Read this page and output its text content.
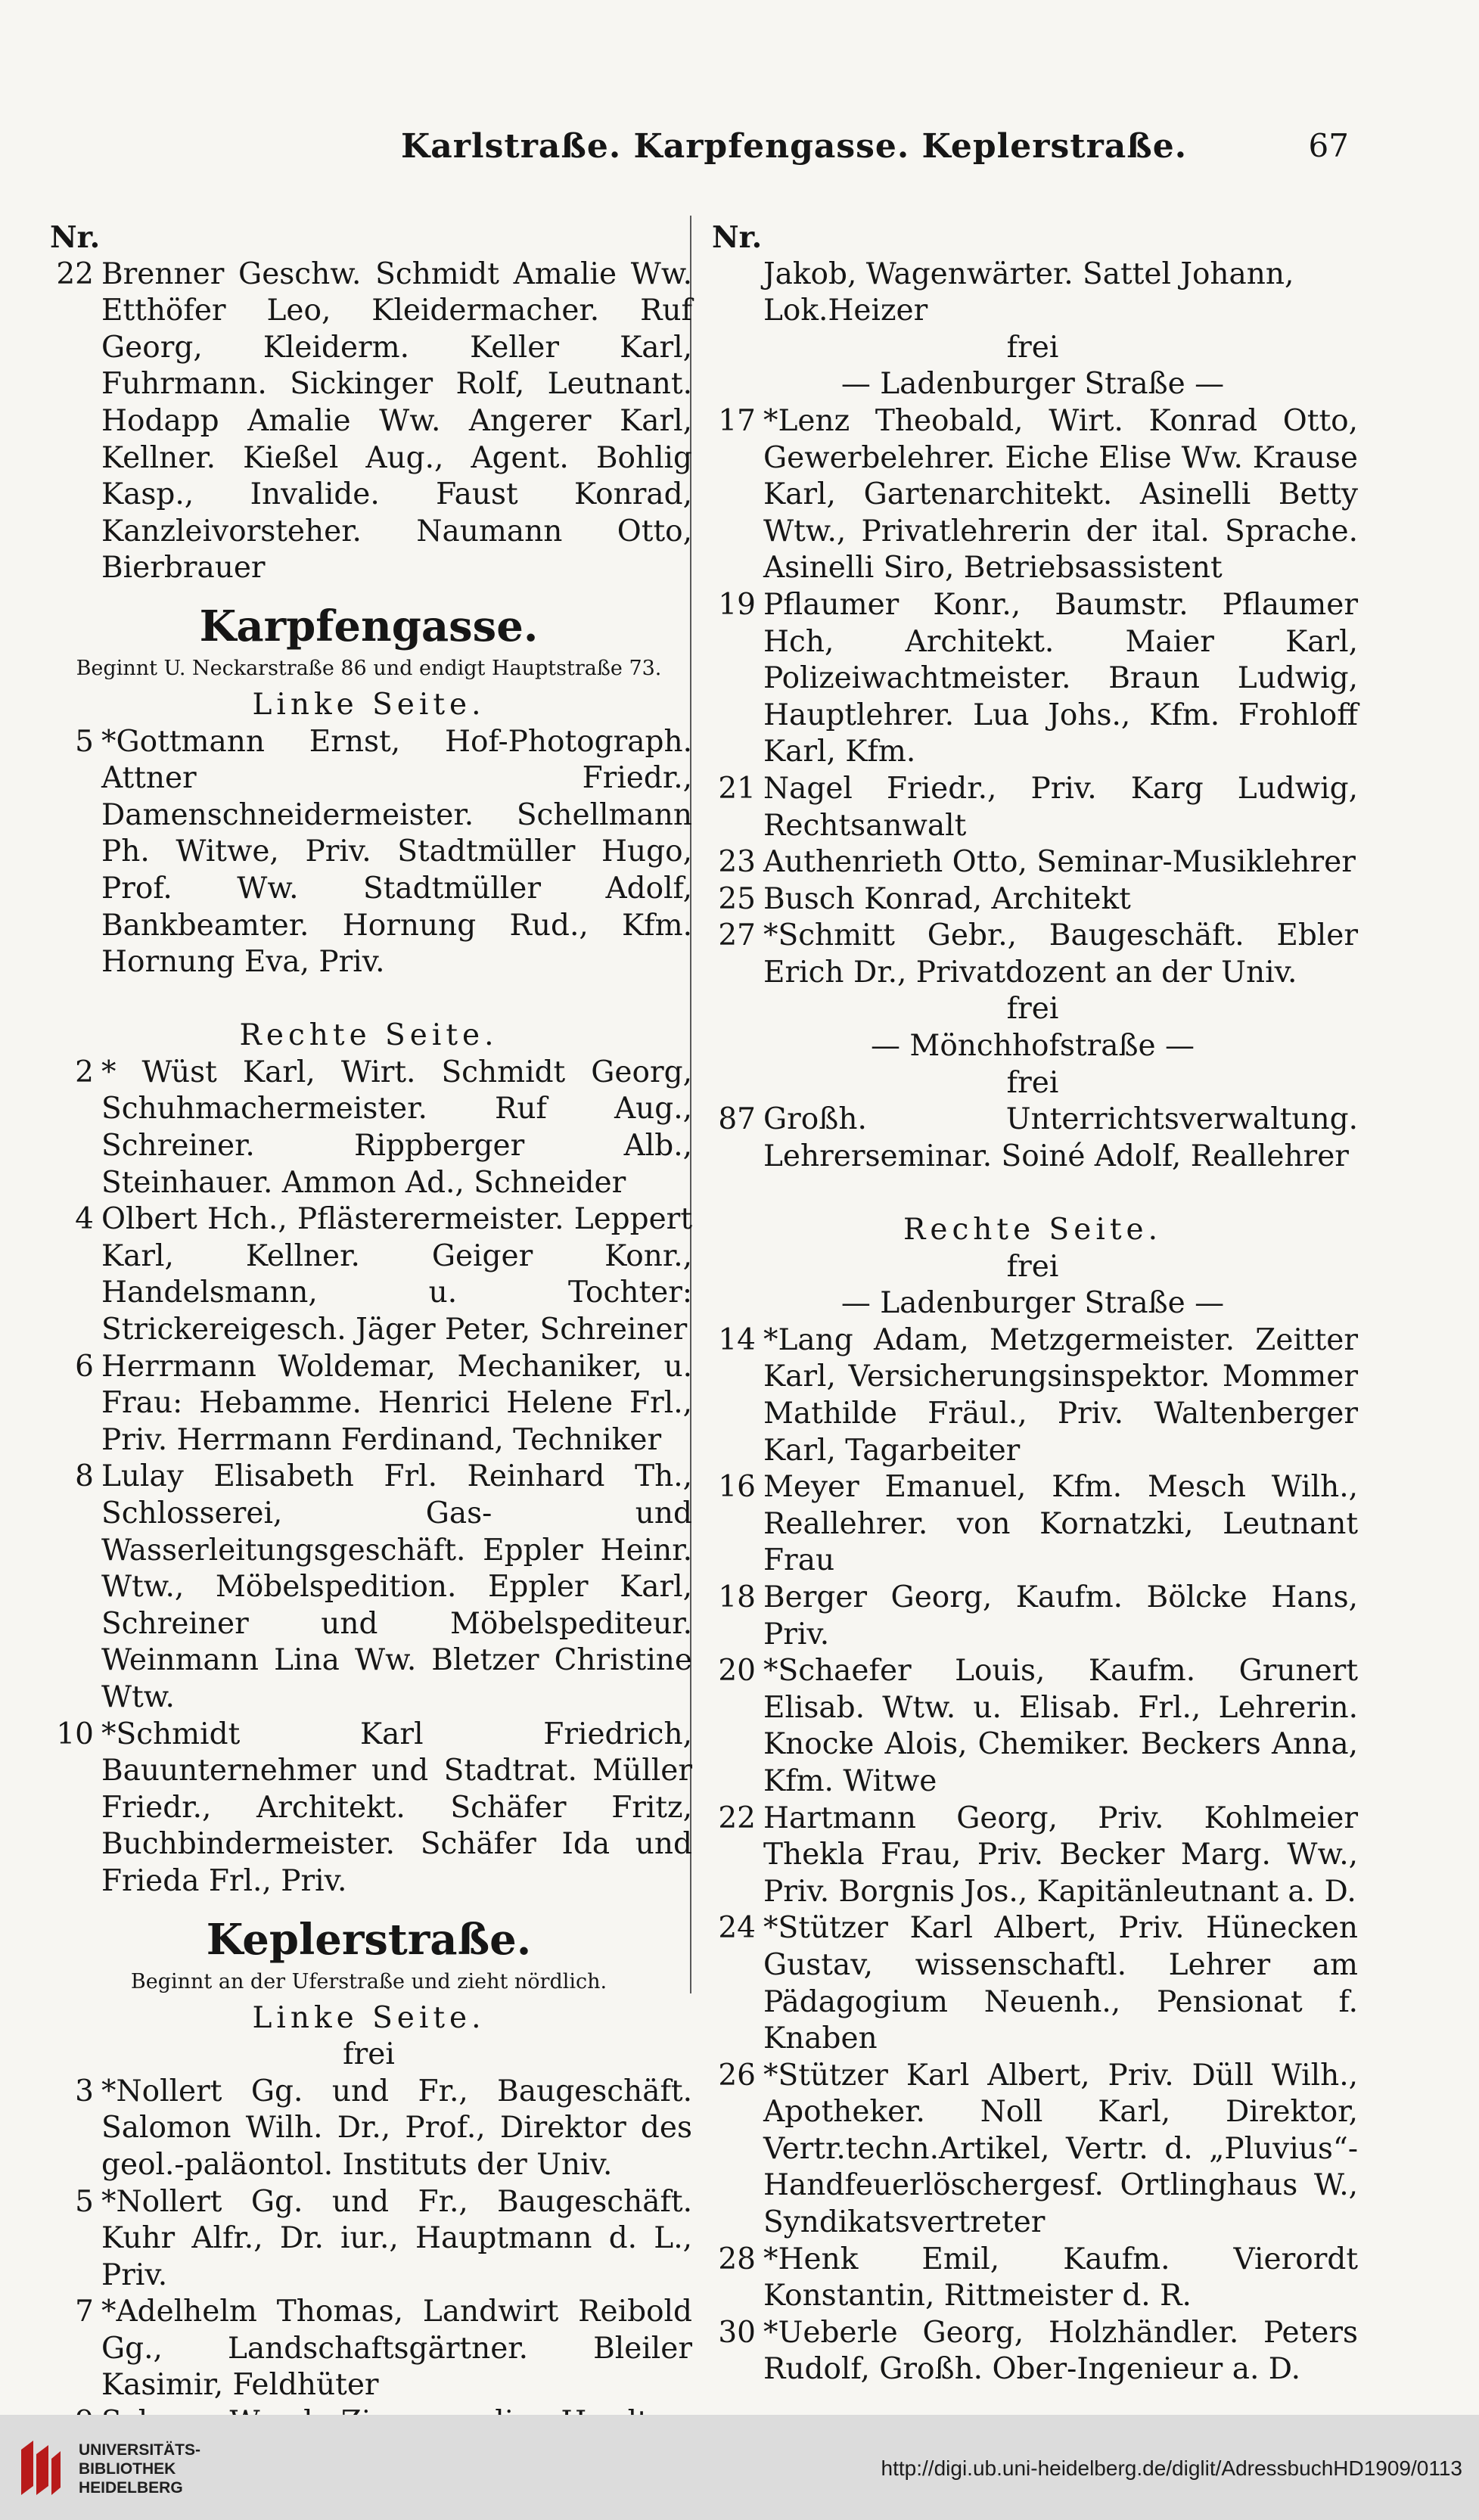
Karlstraße. Karpfengasse. Keplerstraße.	67
Nr.
22 Brenner Geschw. Schmidt Amalie Ww. Etthöfer Leo, Kleidermacher. Ruf Georg, Kleiderm. Keller Karl, Fuhrmann. Sickinger Rolf, Leutnant. Hodapp Amalie Ww. Angerer Karl, Kellner. Kießel Aug., Agent. Bohlig Kasp., Invalide. Faust Konrad, Kanzleivorsteher. Naumann Otto, Bierbrauer
Karpfengasse.
Beginnt U. Neckarstraße 86 und endigt Hauptstraße 73.
Linke Seite.
5 *Gottmann Ernst, Hof-Photograph. Attner Friedr., Damenschneidermeister. Schellmann Ph. Witwe, Priv. Stadtmüller Hugo, Prof. Ww. Stadtmüller Adolf, Bankbeamter. Hornung Rud., Kfm. Hornung Eva, Priv.
Rechte Seite.
2 * Wüst Karl, Wirt. Schmidt Georg, Schuhmachermeister. Ruf Aug., Schreiner. Rippberger Alb., Steinhauer. Ammon Ad., Schneider
4 Olbert Hch., Pflästerermeister. Leppert Karl, Kellner. Geiger Konr., Handelsmann, u. Tochter: Strickereigesch. Jäger Peter, Schreiner
6 Herrmann Woldemar, Mechaniker, u. Frau: Hebamme. Henrici Helene Frl., Priv. Herrmann Ferdinand, Techniker
8 Lulay Elisabeth Frl. Reinhard Th., Schlosserei, Gas- und Wasserleitungsgeschäft. Eppler Heinr. Wtw., Möbelspedition. Eppler Karl, Schreiner und Möbelspediteur. Weinmann Lina Ww. Bletzer Christine Wtw.
10 *Schmidt Karl Friedrich, Bauunternehmer und Stadtrat. Müller Friedr., Architekt. Schäfer Fritz, Buchbindermeister. Schäfer Ida und Frieda Frl., Priv.
Keplerstraße.
Beginnt an der Uferstraße und zieht nördlich.
Linke Seite.
frei
3 *Nollert Gg. und Fr., Baugeschäft. Salomon Wilh. Dr., Prof., Direktor des geol.-paläontol. Instituts der Univ.
5 *Nollert Gg. und Fr., Baugeschäft. Kuhr Alfr., Dr. iur., Hauptmann d. L., Priv.
7 *Adelhelm Thomas, Landwirt Reibold Gg., Landschaftsgärtner. Bleiler Kasimir, Feldhüter
Nr.
Jakob, Wagenwärter. Sattel Johann, Lok.Heizer
frei
— Ladenburger Straße —
17 *Lenz Theobald, Wirt. Konrad Otto, Gewerbelehrer. Eiche Elise Ww. Krause Karl, Gartenarchitekt. Asinelli Betty Wtw., Privatlehrerin der ital. Sprache. Asinelli Siro, Betriebsassistent
19 Pflaumer Konr., Baumstr. Pflaumer Hch, Architekt. Maier Karl, Polizeiwachtmeister. Braun Ludwig, Hauptlehrer. Lua Johs., Kfm. Frohloff Karl, Kfm.
21 Nagel Friedr., Priv. Karg Ludwig, Rechtsanwalt
23 Authenrieth Otto, Seminar-Musiklehrer
25 Busch Konrad, Architekt
27 *Schmitt Gebr., Baugeschäft. Ebler Erich Dr., Privatdozent an der Univ.
frei
— Mönchhofstraße —
frei
87 Großh. Unterrichtsverwaltung. Lehrerseminar. Soiné Adolf, Reallehrer
Rechte Seite.
frei
— Ladenburger Straße —
14 *Lang Adam, Metzgermeister. Zeitter Karl, Versicherungsinspektor. Mommer Mathilde Fräul., Priv. Waltenberger Karl, Tagarbeiter
16 Meyer Emanuel, Kfm. Mesch Wilh., Reallehrer. von Kornatzki, Leutnant Frau
18 Berger Georg, Kaufm. Bölcke Hans, Priv.
20 *Schaefer Louis, Kaufm. Grunert Elisab. Wtw. u. Elisab. Frl., Lehrerin. Knocke Alois, Chemiker. Beckers Anna, Kfm. Witwe
22 Hartmann Georg, Priv. Kohlmeier Thekla Frau, Priv. Becker Marg. Ww., Priv. Borgnis Jos., Kapitänleutnant a. D.
24 *Stützer Karl Albert, Priv. Hünecken Gustav, wissenschaftl. Lehrer am Pädagogium Neuenh., Pensionat f. Knaben
26 *Stützer Karl Albert, Priv. Düll Wilh., Apotheker. Noll Karl, Direktor, Vertr.techn.Artikel, Vertr. d. „Pluvius“-Handfeuerlöschergesf. Ortlinghaus W., Syndikatsvertreter
28 *Henk Emil, Kaufm. Vierordt Konstantin, Rittmeister d. R.
30 *Ueberle Georg, Holzhändler. Peters Rudolf, Großh. Ober-Ingenieur a. D.
UNIVERSITÄTS-
BIBLIOTHEK
HEIDELBERG
http://digi.ub.uni-heidelberg.de/diglit/AdressbuchHD1909/0113
